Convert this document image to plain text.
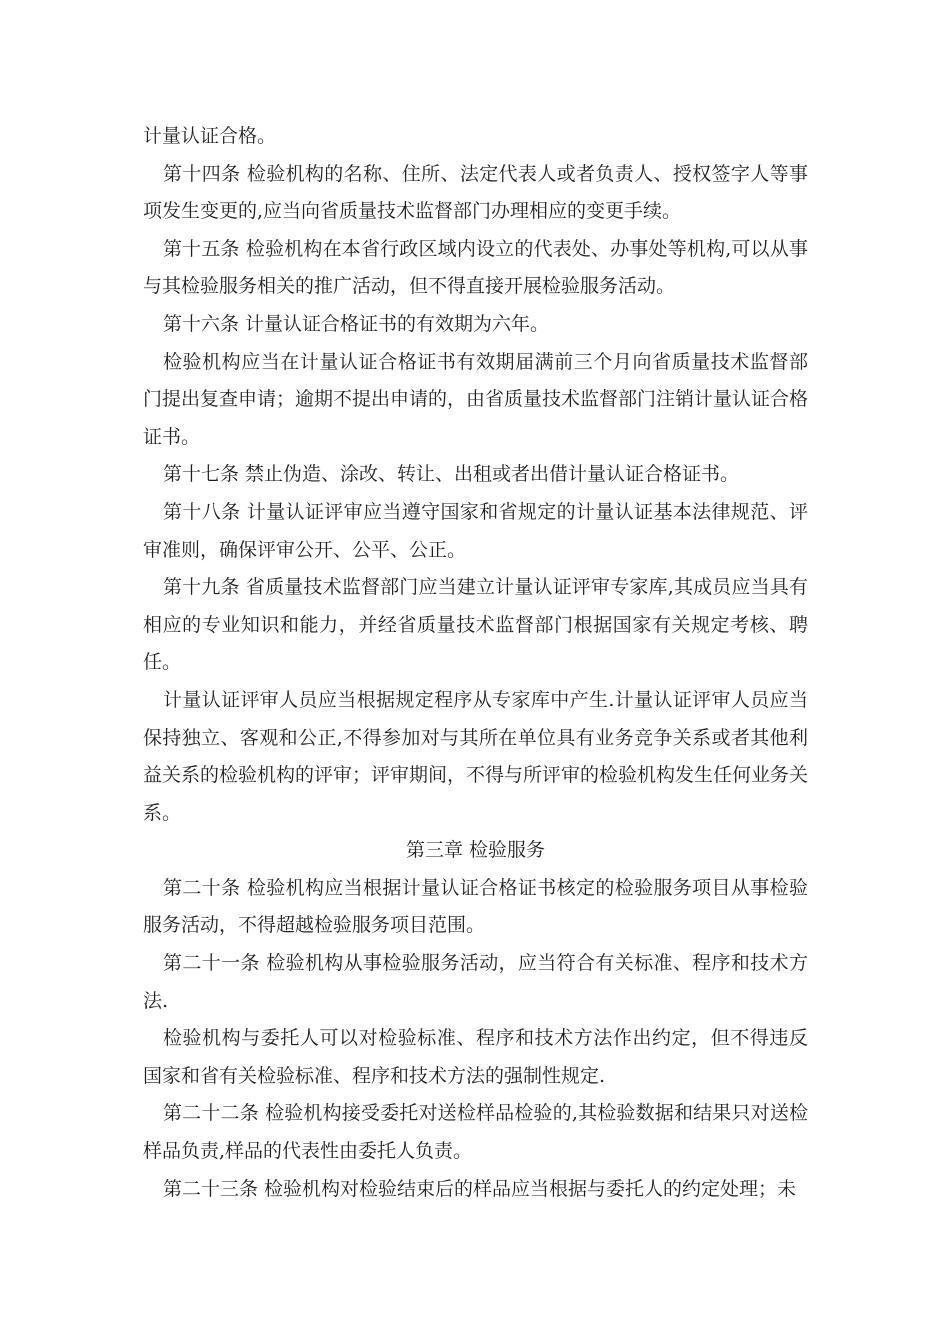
计量认证合格。

第十四条 检验机构的名称、住所、法定代表人或者负责人、授权签字人等事项发生变更的,应当向省质量技术监督部门办理相应的变更手续。

第十五条 检验机构在本省行政区域内设立的代表处、办事处等机构,可以从事与其检验服务相关的推广活动，但不得直接开展检验服务活动。

第十六条 计量认证合格证书的有效期为六年。

检验机构应当在计量认证合格证书有效期届满前三个月向省质量技术监督部门提出复查申请；逾期不提出申请的，由省质量技术监督部门注销计量认证合格证书。

第十七条 禁止伪造、涂改、转让、出租或者出借计量认证合格证书。

第十八条 计量认证评审应当遵守国家和省规定的计量认证基本法律规范、评审准则，确保评审公开、公平、公正。

第十九条 省质量技术监督部门应当建立计量认证评审专家库,其成员应当具有相应的专业知识和能力，并经省质量技术监督部门根据国家有关规定考核、聘任。

计量认证评审人员应当根据规定程序从专家库中产生.计量认证评审人员应当保持独立、客观和公正,不得参加对与其所在单位具有业务竞争关系或者其他利益关系的检验机构的评审；评审期间，不得与所评审的检验机构发生任何业务关系。

第三章 检验服务

第二十条 检验机构应当根据计量认证合格证书核定的检验服务项目从事检验服务活动，不得超越检验服务项目范围。

第二十一条 检验机构从事检验服务活动，应当符合有关标准、程序和技术方法.

检验机构与委托人可以对检验标准、程序和技术方法作出约定，但不得违反国家和省有关检验标准、程序和技术方法的强制性规定.

第二十二条 检验机构接受委托对送检样品检验的,其检验数据和结果只对送检样品负责,样品的代表性由委托人负责。

第二十三条 检验机构对检验结束后的样品应当根据与委托人的约定处理；未
